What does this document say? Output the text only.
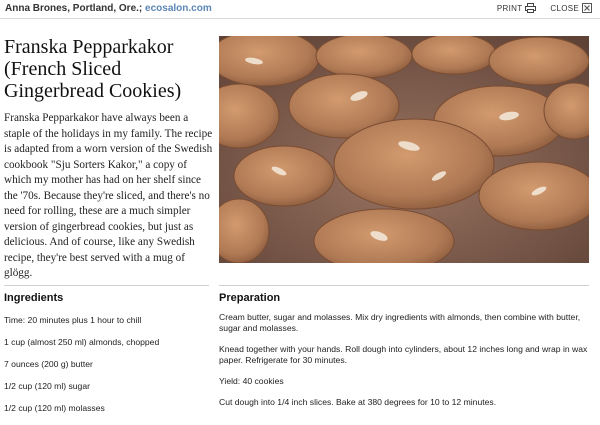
Anna Brones, Portland, Ore.; ecosalon.com	PRINT	CLOSE
Franska Pepparkakor (French Sliced Gingerbread Cookies)

Franska Pepparkakor have always been a staple of the holidays in my family. The recipe is adapted from a worn version of the Swedish cookbook "Sju Sorters Kakor," a copy of which my mother has had on her shelf since the '70s. Because they're sliced, and there's no need for rolling, these are a much simpler version of gingerbread cookies, but just as delicious. And of course, like any Swedish recipe, they're best served with a mug of glögg.

Ingredients
Time: 20 minutes plus 1 hour to chill
1 cup (almost 250 ml) almonds, chopped
7 ounces (200 g) butter
1/2 cup (120 ml) sugar
1/2 cup (120 ml) molasses
Preparation
Cream butter, sugar and molasses. Mix dry ingredients with almonds, then combine with butter, sugar and molasses.
Knead together with your hands. Roll dough into cylinders, about 12 inches long and wrap in wax paper. Refrigerate for 30 minutes.
Yield: 40 cookies
Cut dough into 1/4 inch slices. Bake at 380 degrees for 10 to 12 minutes.
